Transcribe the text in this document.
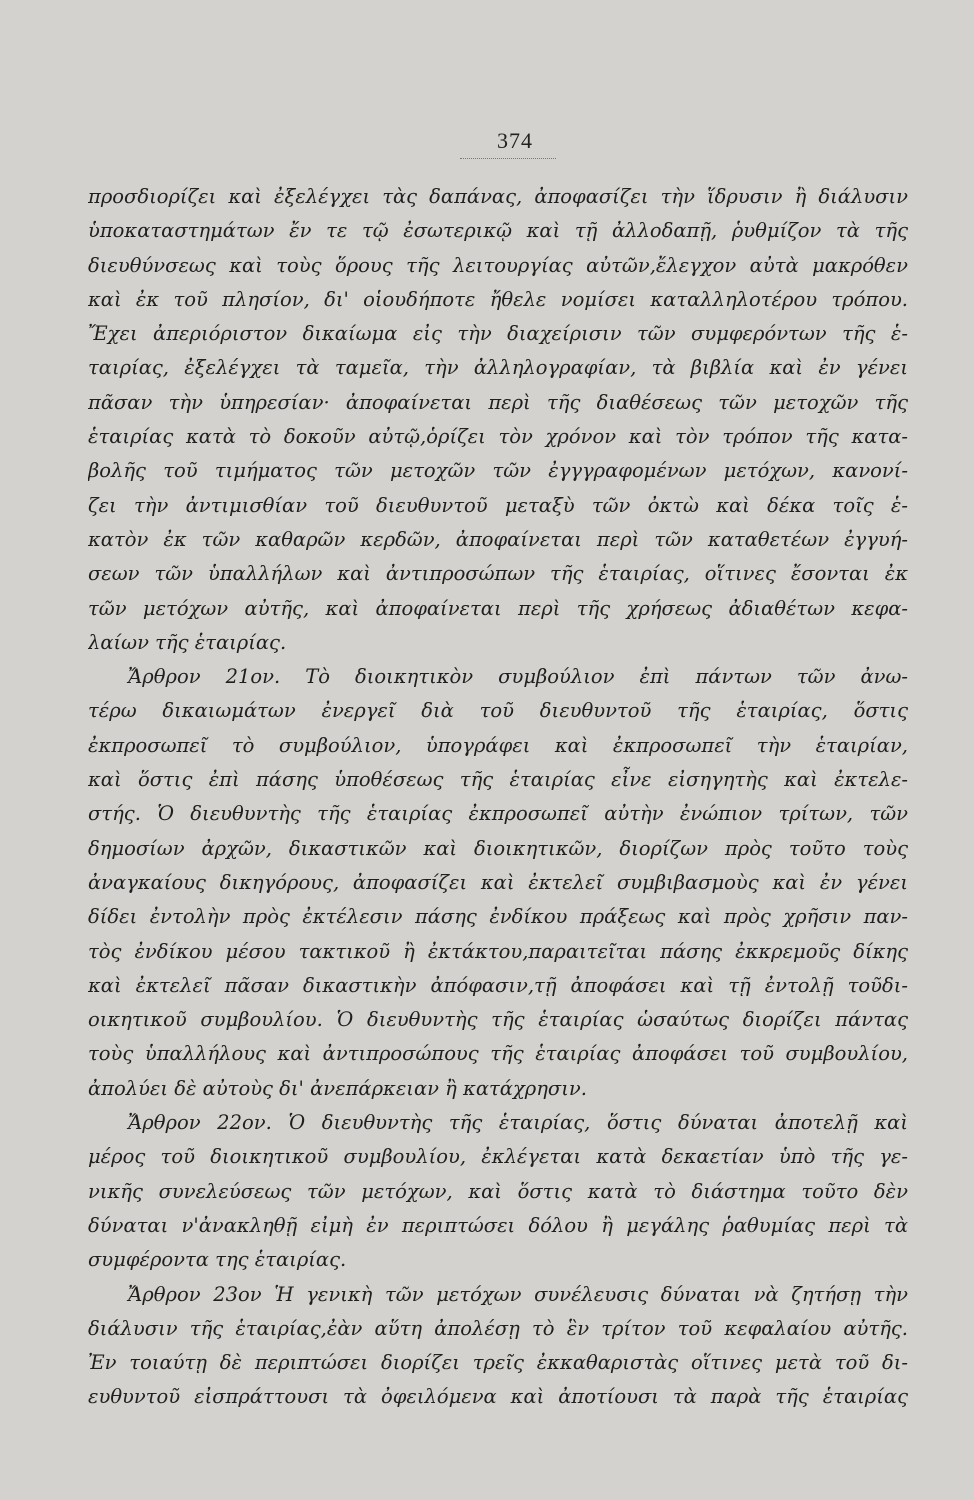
374
προσδιορίζει καὶ ἐξελέγχει τὰς δαπάνας, ἀποφασίζει τὴν ἵδρυσιν ἢ διάλυσιν
ὑποκαταστημάτων ἔν τε τῷ ἐσωτερικῷ καὶ τῇ ἀλλοδαπῇ, ῥυθμίζον τὰ τῆς
διευθύνσεως καὶ τοὺς ὅρους τῆς λειτουργίας αὐτῶν,ἔλεγχον αὐτὰ μακρόθεν
καὶ ἐκ τοῦ πλησίον, δι' οἱουδήποτε ἤθελε νομίσει καταλληλοτέρου τρόπου.
Ἔχει ἀπεριόριστον δικαίωμα εἰς τὴν διαχείρισιν τῶν συμφερόντων τῆς ἑ-
ταιρίας, ἐξελέγχει τὰ ταμεῖα, τὴν ἀλληλογραφίαν, τὰ βιβλία καὶ ἐν γένει
πᾶσαν τὴν ὑπηρεσίαν· ἀποφαίνεται περὶ τῆς διαθέσεως τῶν μετοχῶν τῆς
ἑταιρίας κατὰ τὸ δοκοῦν αὐτῷ,ὁρίζει τὸν χρόνον καὶ τὸν τρόπον τῆς κατα-
βολῆς τοῦ τιμήματος τῶν μετοχῶν τῶν ἐγγγραφομένων μετόχων, κανονί-
ζει τὴν ἀντιμισθίαν τοῦ διευθυντοῦ μεταξὺ τῶν ὀκτὼ καὶ δέκα τοῖς ἑ-
κατὸν ἐκ τῶν καθαρῶν κερδῶν, ἀποφαίνεται περὶ τῶν καταθετέων ἐγγυή-
σεων τῶν ὑπαλλήλων καὶ ἀντιπροσώπων τῆς ἑταιρίας, οἵτινες ἔσονται ἐκ
τῶν μετόχων αὐτῆς, καὶ ἀποφαίνεται περὶ τῆς χρήσεως ἀδιαθέτων κεφα-
λαίων τῆς ἑταιρίας.
Ἄρθρον 21ον. Τὸ διοικητικὸν συμβούλιον ἐπὶ πάντων τῶν ἀνω-
τέρω δικαιωμάτων ἐνεργεῖ διὰ τοῦ διευθυντοῦ τῆς ἑταιρίας, ὅστις
ἐκπροσωπεῖ τὸ συμβούλιον, ὑπογράφει καὶ ἐκπροσωπεῖ τὴν ἑταιρίαν,
καὶ ὅστις ἐπὶ πάσης ὑποθέσεως τῆς ἑταιρίας εἶνε εἰσηγητὴς καὶ ἐκτελε-
στής. Ὁ διευθυντὴς τῆς ἑταιρίας ἐκπροσωπεῖ αὐτὴν ἐνώπιον τρίτων, τῶν
δημοσίων ἀρχῶν, δικαστικῶν καὶ διοικητικῶν, διορίζων πρὸς τοῦτο τοὺς
ἀναγκαίους δικηγόρους, ἀποφασίζει καὶ ἐκτελεῖ συμβιβασμοὺς καὶ ἐν γένει
δίδει ἐντολὴν πρὸς ἐκτέλεσιν πάσης ἐνδίκου πράξεως καὶ πρὸς χρῆσιν παν-
τὸς ἐνδίκου μέσου τακτικοῦ ἢ ἐκτάκτου,παραιτεῖται πάσης ἐκκρεμοῦς δίκης
καὶ ἐκτελεῖ πᾶσαν δικαστικὴν ἀπόφασιν,τῇ ἀποφάσει καὶ τῇ ἐντολῇ τοῦδι-
οικητικοῦ συμβουλίου. Ὁ διευθυντὴς τῆς ἑταιρίας ὡσαύτως διορίζει πάντας
τοὺς ὑπαλλήλους καὶ ἀντιπροσώπους τῆς ἑταιρίας ἀποφάσει τοῦ συμβουλίου,
ἀπολύει δὲ αὐτοὺς δι' ἀνεπάρκειαν ἢ κατάχρησιν.
Ἄρθρον 22ον. Ὁ διευθυντὴς τῆς ἑταιρίας, ὅστις δύναται ἀποτελῇ καὶ
μέρος τοῦ διοικητικοῦ συμβουλίου, ἐκλέγεται κατὰ δεκαετίαν ὑπὸ τῆς γε-
νικῆς συνελεύσεως τῶν μετόχων, καὶ ὅστις κατὰ τὸ διάστημα τοῦτο δὲν
δύναται ν'ἀνακληθῇ εἰμὴ ἐν περιπτώσει δόλου ἢ μεγάλης ῥαθυμίας περὶ τὰ
συμφέροντα της ἑταιρίας.
Ἄρθρον 23ον Ἡ γενικὴ τῶν μετόχων συνέλευσις δύναται νὰ ζητήσῃ τὴν
διάλυσιν τῆς ἑταιρίας,ἐὰν αὕτη ἀπολέσῃ τὸ ἓν τρίτον τοῦ κεφαλαίου αὐτῆς.
Ἐν τοιαύτῃ δὲ περιπτώσει διορίζει τρεῖς ἐκκαθαριστὰς οἵτινες μετὰ τοῦ δι-
ευθυντοῦ εἰσπράττουσι τὰ ὀφειλόμενα καὶ ἀποτίουσι τὰ παρὰ τῆς ἑταιρίας
